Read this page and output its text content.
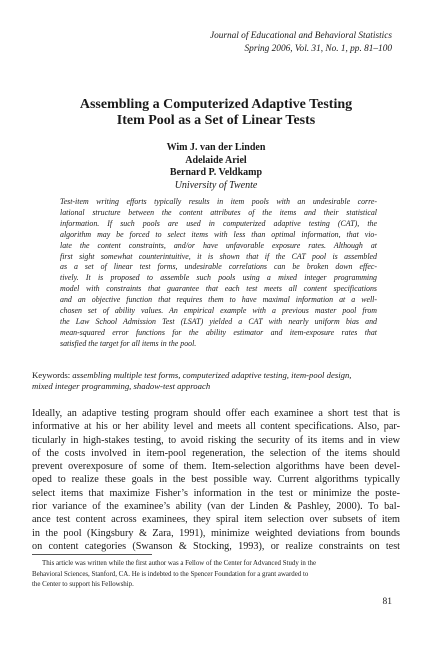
Journal of Educational and Behavioral Statistics
Spring 2006, Vol. 31, No. 1, pp. 81–100
Assembling a Computerized Adaptive Testing
Item Pool as a Set of Linear Tests
Wim J. van der Linden
Adelaide Ariel
Bernard P. Veldkamp
University of Twente
Test-item writing efforts typically results in item pools with an undesirable corre-
lational structure between the content attributes of the items and their statistical
information. If such pools are used in computerized adaptive testing (CAT), the
algorithm may be forced to select items with less than optimal information, that vio-
late the content constraints, and/or have unfavorable exposure rates. Although at
first sight somewhat counterintuitive, it is shown that if the CAT pool is assembled
as a set of linear test forms, undesirable correlations can be broken down effec-
tively. It is proposed to assemble such pools using a mixed integer programming
model with constraints that guarantee that each test meets all content specifications
and an objective function that requires them to have maximal information at a well-
chosen set of ability values. An empirical example with a previous master pool from
the Law School Admission Test (LSAT) yielded a CAT with nearly uniform bias and
mean-squared error functions for the ability estimator and item-exposure rates that
satisfied the target for all items in the pool.
Keywords: assembling multiple test forms, computerized adaptive testing, item-pool design,
mixed integer programming, shadow-test approach
Ideally, an adaptive testing program should offer each examinee a short test that is
informative at his or her ability level and meets all content specifications. Also, par-
ticularly in high-stakes testing, to avoid risking the security of its items and in view
of the costs involved in item-pool regeneration, the selection of the items should
prevent overexposure of some of them. Item-selection algorithms have been devel-
oped to realize these goals in the best possible way. Current algorithms typically
select items that maximize Fisher’s information in the test or minimize the poste-
rior variance of the examinee’s ability (van der Linden & Pashley, 2000). To bal-
ance test content across examinees, they spiral item selection over subsets of item
in the pool (Kingsbury & Zara, 1991), minimize weighted deviations from bounds
on content categories (Swanson & Stocking, 1993), or realize constraints on test
This article was written while the first author was a Fellow of the Center for Advanced Study in the
Behavioral Sciences, Stanford, CA. He is indebted to the Spencer Foundation for a grant awarded to
the Center to support his Fellowship.
81
